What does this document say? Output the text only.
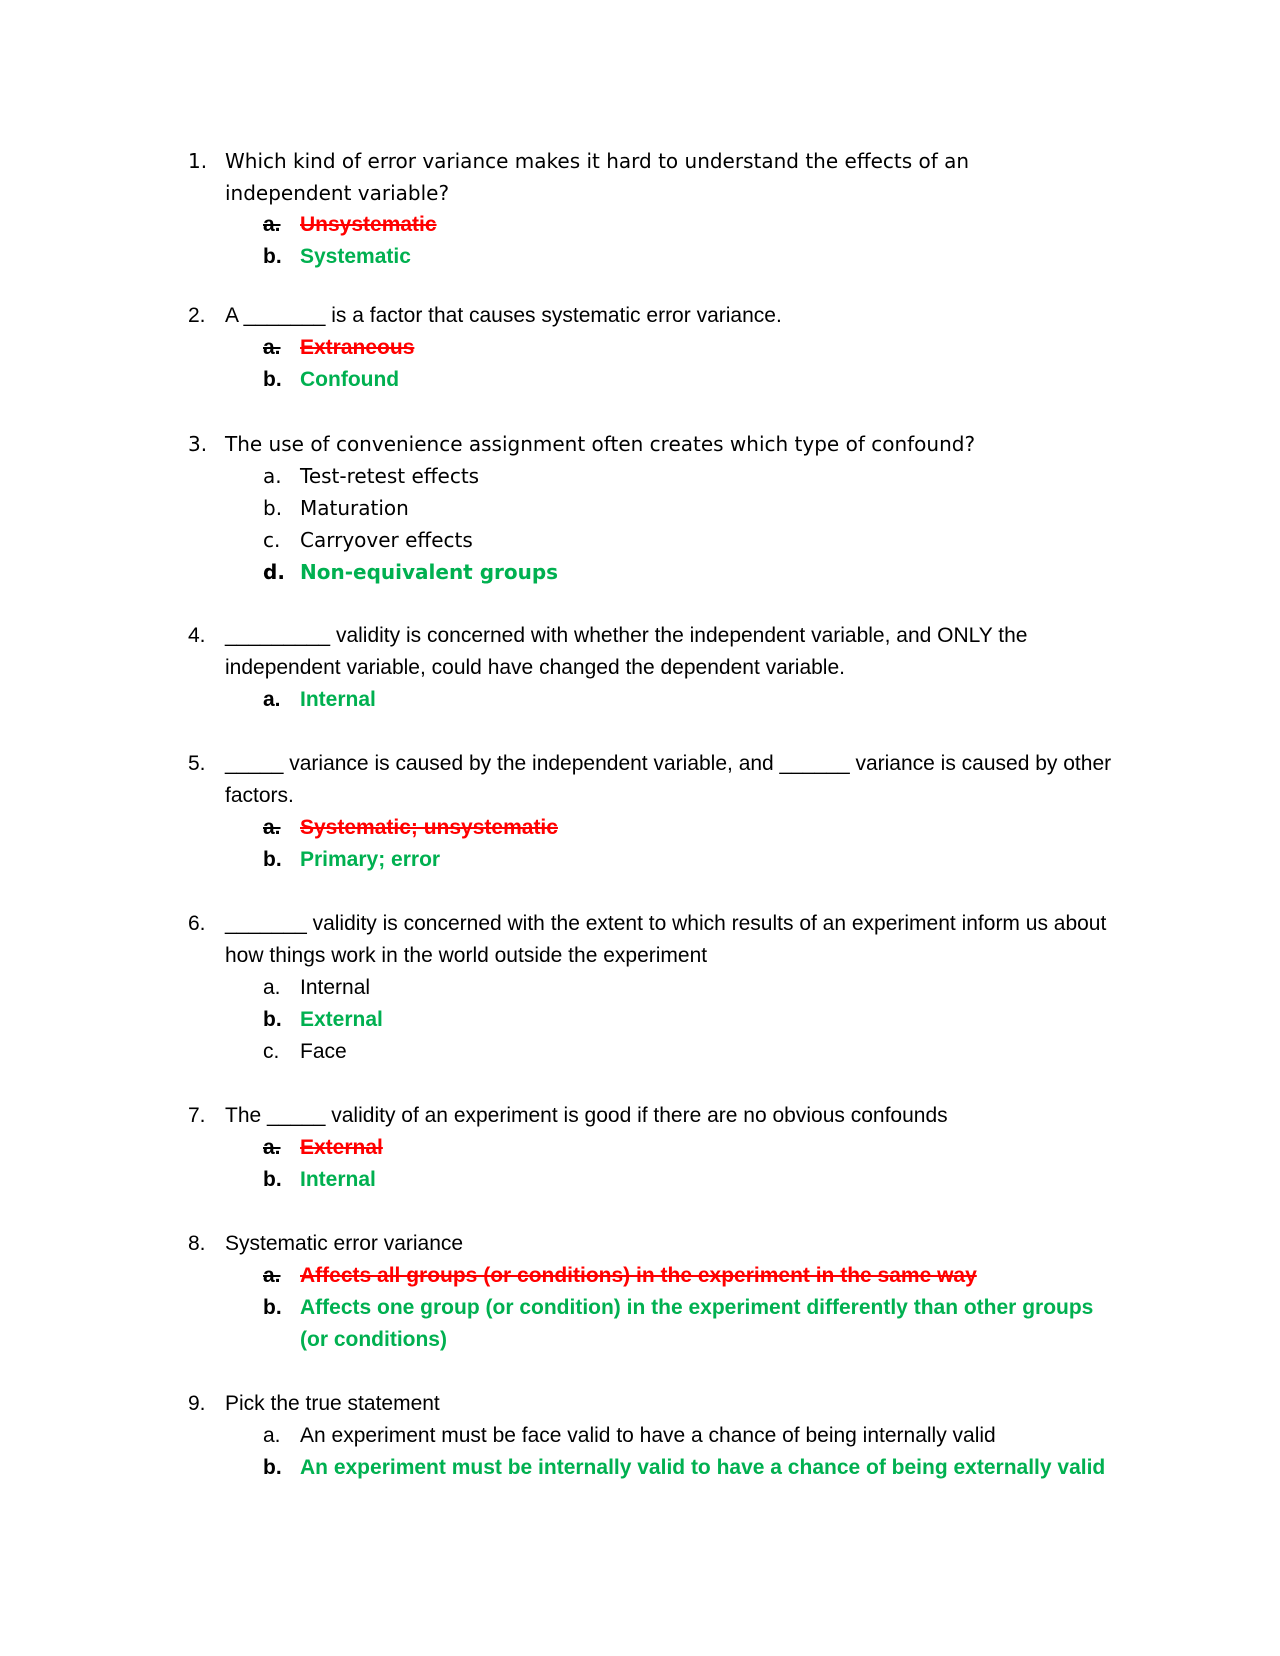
1. Which kind of error variance makes it hard to understand the effects of an independent variable?
a. Unsystematic
b. Systematic
2. A _______ is a factor that causes systematic error variance.
a. Extraneous
b. Confound
3. The use of convenience assignment often creates which type of confound?
a. Test-retest effects
b. Maturation
c. Carryover effects
d. Non-equivalent groups
4. _________ validity is concerned with whether the independent variable, and ONLY the independent variable, could have changed the dependent variable.
a. Internal
5. _____ variance is caused by the independent variable, and ______ variance is caused by other factors.
a. Systematic; unsystematic
b. Primary; error
6. _______ validity is concerned with the extent to which results of an experiment inform us about how things work in the world outside the experiment
a. Internal
b. External
c. Face
7. The _____ validity of an experiment is good if there are no obvious confounds
a. External
b. Internal
8. Systematic error variance
a. Affects all groups (or conditions) in the experiment in the same way
b. Affects one group (or condition) in the experiment differently than other groups (or conditions)
9. Pick the true statement
a. An experiment must be face valid to have a chance of being internally valid
b. An experiment must be internally valid to have a chance of being externally valid
